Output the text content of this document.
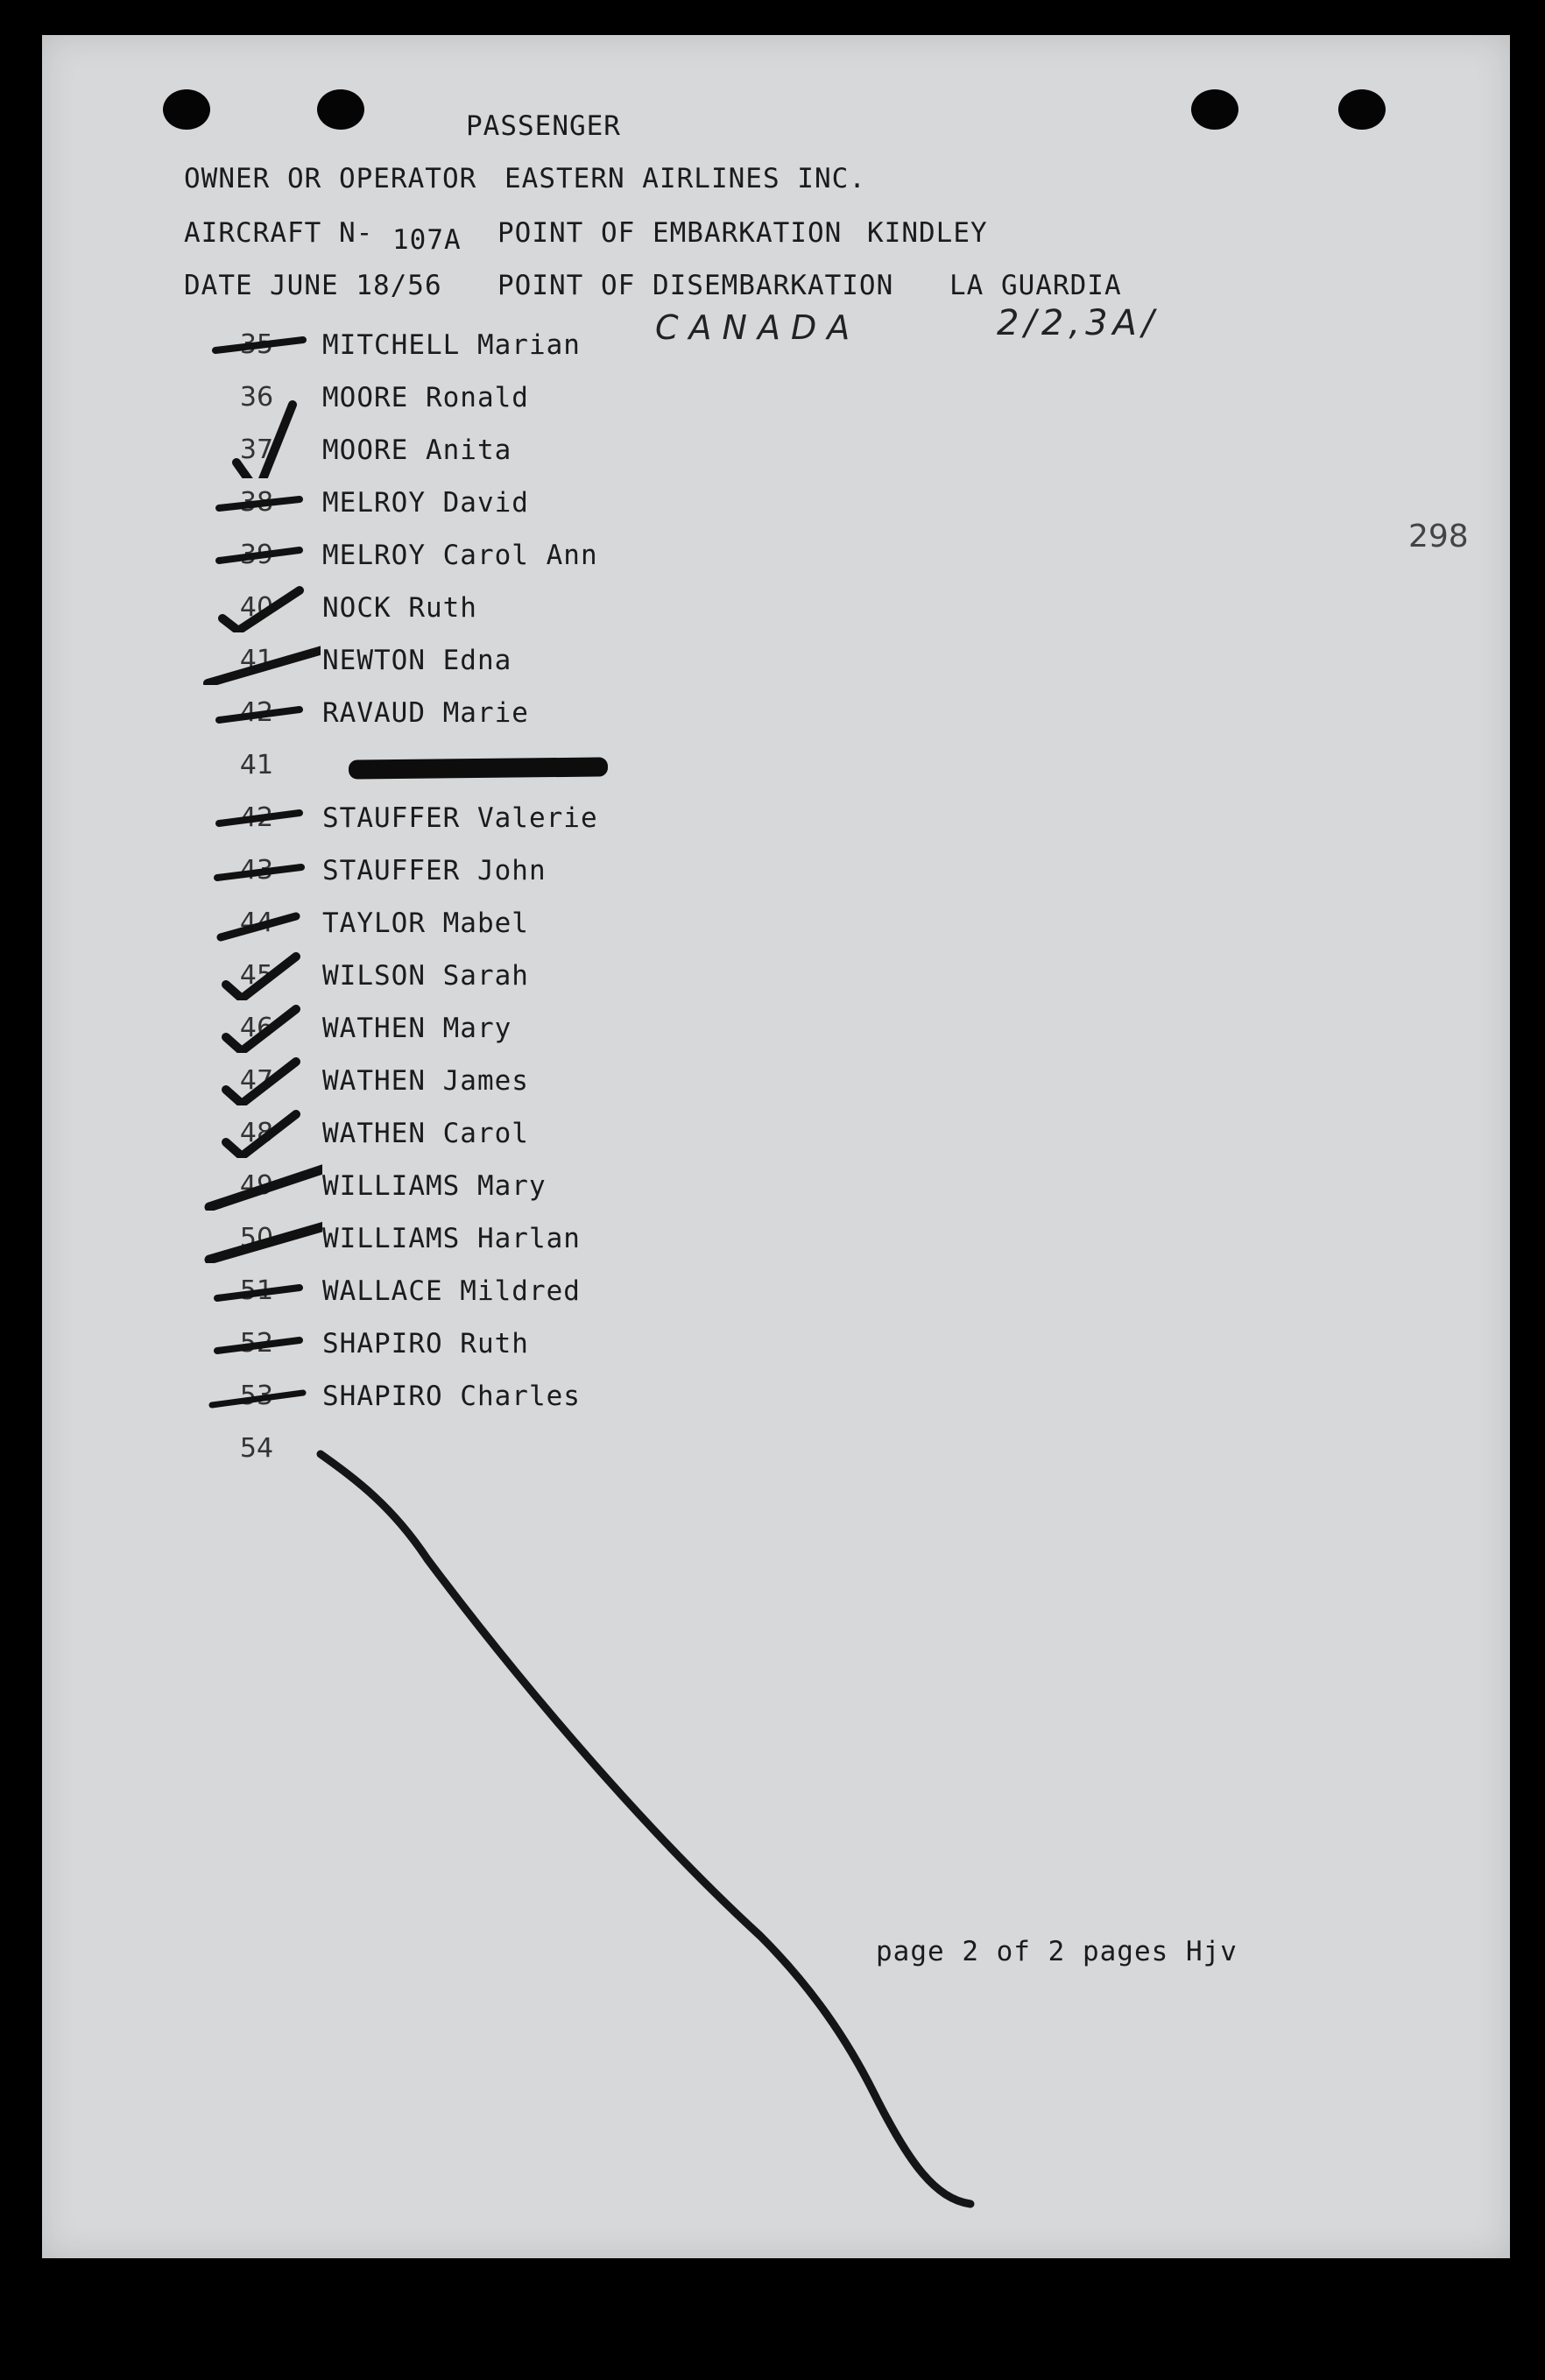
PASSENGER
OWNER OR OPERATOR EASTERN AIRLINES INC.
AIRCRAFT N- 107A POINT OF EMBARKATION KINDLEY
DATE JUNE 18/56 POINT OF DISEMBARKATION LA GUARDIA
CANADA	2/2,3A/
298
35	MITCHELL Marian
36	MOORE Ronald
37	MOORE Anita
38	MELROY David
39	MELROY Carol Ann
40	NOCK Ruth
41	NEWTON Edna
42	RAVAUD Marie
41
42	STAUFFER Valerie
43	STAUFFER John
44	TAYLOR Mabel
45	WILSON Sarah
46	WATHEN Mary
47	WATHEN James
48	WATHEN Carol
49	WILLIAMS Mary
50	WILLIAMS Harlan
51	WALLACE Mildred
52	SHAPIRO Ruth
53	SHAPIRO Charles
54
page 2 of 2 pages Hjv
